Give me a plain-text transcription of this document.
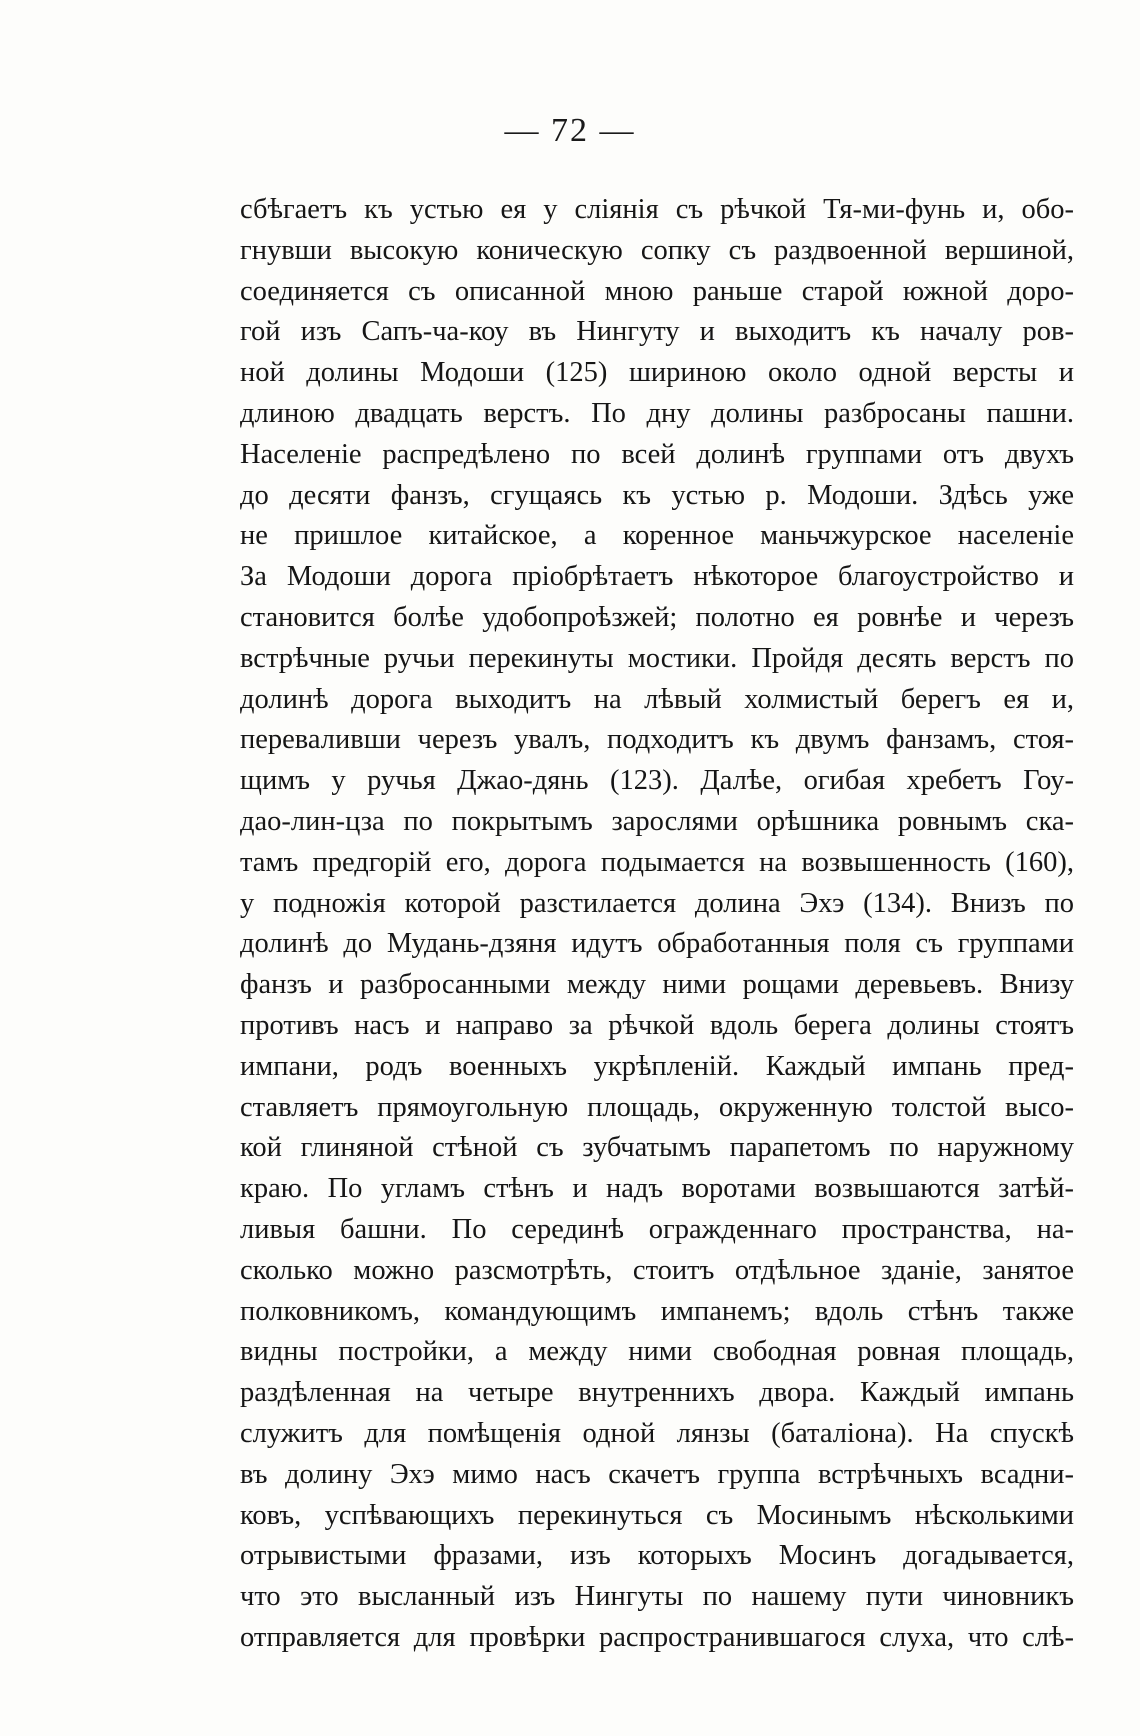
— 72 —
сбѣгаетъ къ устью ея у слiянiя съ рѣчкой Тя-ми-фунь и, обо-
гнувши высокую коническую сопку съ раздвоенной вершиной,
соединяется съ описанной мною раньше старой южной доро-
гой изъ Сапъ-ча-коу въ Нингуту и выходитъ къ началу ров-
ной долины Модоши (125) шириною около одной версты и
длиною двадцать верстъ. По дну долины разбросаны пашни.
Населенiе распредѣлено по всей долинѣ группами отъ двухъ
до десяти фанзъ, сгущаясь къ устью р. Модоши. Здѣсь уже
не пришлое китайское, а коренное маньчжурское населенiе
За Модоши дорога прiобрѣтаетъ нѣкоторое благоустройство и
становится болѣе удобопроѣзжей; полотно ея ровнѣе и черезъ
встрѣчные ручьи перекинуты мостики. Пройдя десять верстъ по
долинѣ дорога выходитъ на лѣвый холмистый берегъ ея и,
переваливши черезъ увалъ, подходитъ къ двумъ фанзамъ, стоя-
щимъ у ручья Джао-дянь (123). Далѣе, огибая хребетъ Гоу-
дао-лин-цза по покрытымъ зарослями орѣшника ровнымъ ска-
тамъ предгорiй его, дорога подымается на возвышенность (160),
у подножiя которой разстилается долина Эхэ (134). Внизъ по
долинѣ до Мудань-дзяня идутъ обработанныя поля съ группами
фанзъ и разбросанными между ними рощами деревьевъ. Внизу
противъ насъ и направо за рѣчкой вдоль берега долины стоятъ
импани, родъ военныхъ укрѣпленiй. Каждый импань пред-
ставляетъ прямоугольную площадь, окруженную толстой высо-
кой глиняной стѣной съ зубчатымъ парапетомъ по наружному
краю. По угламъ стѣнъ и надъ воротами возвышаются затѣй-
ливыя башни. По серединѣ огражденнаго пространства, на-
сколько можно разсмотрѣть, стоитъ отдѣльное зданiе, занятое
полковникомъ, командующимъ импанемъ; вдоль стѣнъ также
видны постройки, а между ними свободная ровная площадь,
раздѣленная на четыре внутреннихъ двора. Каждый импань
служитъ для помѣщенiя одной лянзы (баталiона). На спускѣ
въ долину Эхэ мимо насъ скачетъ группа встрѣчныхъ всадни-
ковъ, успѣвающихъ перекинуться съ Мосинымъ нѣсколькими
отрывистыми фразами, изъ которыхъ Мосинъ догадывается,
что это высланный изъ Нингуты по нашему пути чиновникъ
отправляется для провѣрки распространившагося слуха, что слѣ-
